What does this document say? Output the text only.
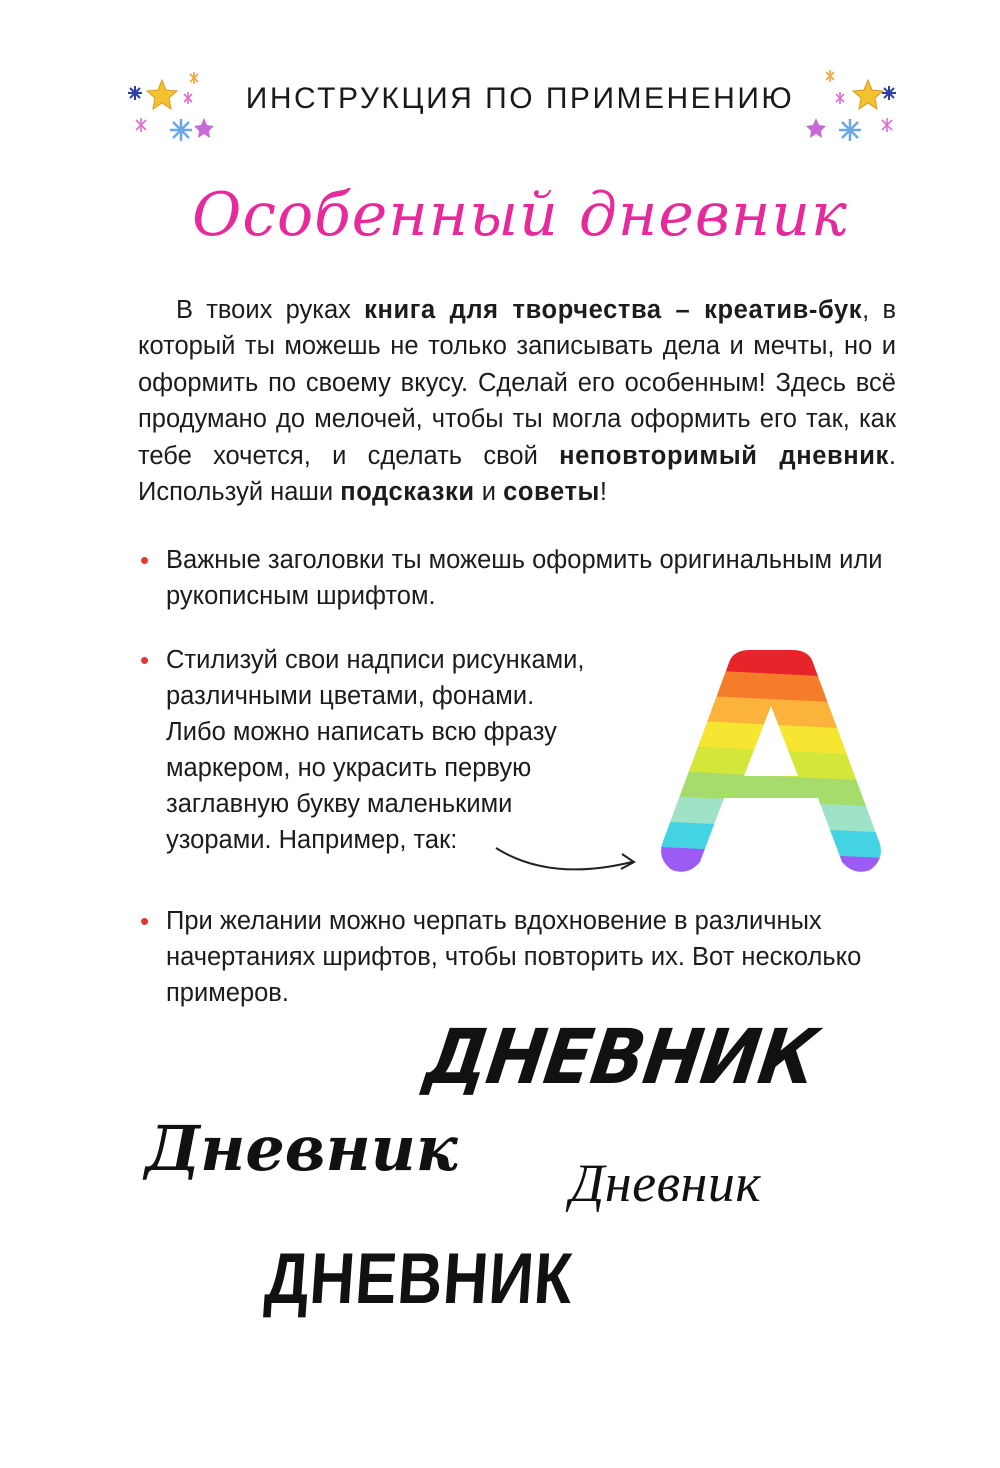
ИНСТРУКЦИЯ ПО ПРИМЕНЕНИЮ
Особенный дневник
В твоих руках книга для творчества – креатив-бук, в который ты можешь не только записывать дела и мечты, но и оформить по своему вкусу. Сделай его особенным! Здесь всё продумано до мелочей, чтобы ты могла оформить его так, как тебе хочется, и сделать свой неповторимый дневник. Используй наши подсказки и советы!
• Важные заголовки ты можешь оформить оригинальным или рукописным шрифтом.
• Стилизуй свои надписи рисунками, различными цветами, фонами. Либо можно написать всю фразу маркером, но украсить первую заглавную букву маленькими узорами. Например, так:
A
• При желании можно черпать вдохновение в различных начертаниях шрифтов, чтобы повторить их. Вот несколько примеров.
ДНЕВНИК
Дневник Дневник
ДНЕВНИК
